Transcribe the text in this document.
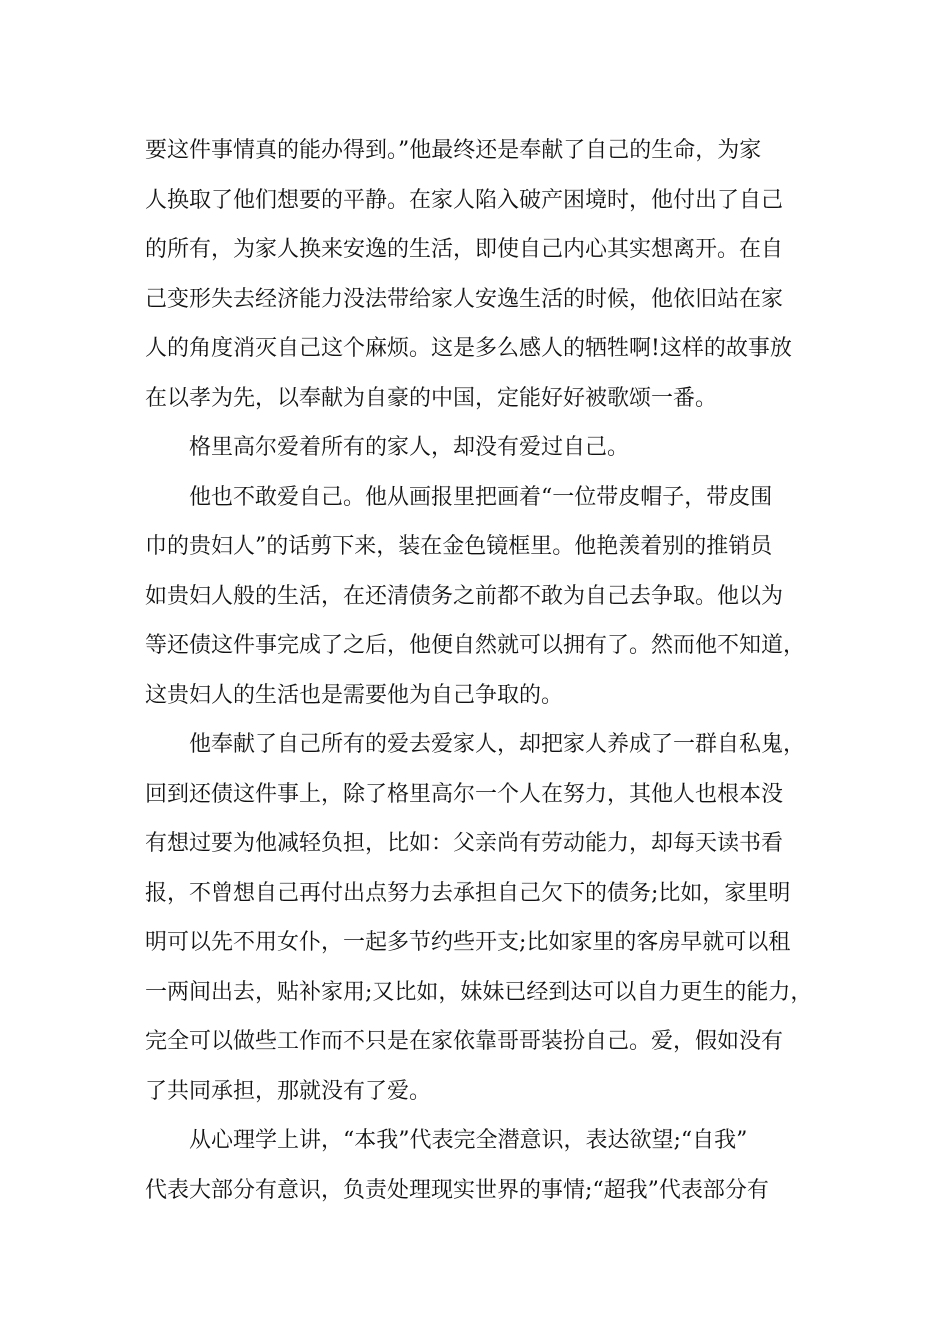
要这件事情真的能办得到。”他最终还是奉献了自己的生命，为家
人换取了他们想要的平静。在家人陷入破产困境时，他付出了自己
的所有，为家人换来安逸的生活，即使自己内心其实想离开。在自
己变形失去经济能力没法带给家人安逸生活的时候，他依旧站在家
人的角度消灭自己这个麻烦。这是多么感人的牺牲啊!这样的故事放
在以孝为先，以奉献为自豪的中国，定能好好被歌颂一番。

格里高尔爱着所有的家人，却没有爱过自己。

他也不敢爱自己。他从画报里把画着“一位带皮帽子，带皮围
巾的贵妇人”的话剪下来，装在金色镜框里。他艳羡着别的推销员
如贵妇人般的生活，在还清债务之前都不敢为自己去争取。他以为
等还债这件事完成了之后，他便自然就可以拥有了。然而他不知道，
这贵妇人的生活也是需要他为自己争取的。

他奉献了自己所有的爱去爱家人，却把家人养成了一群自私鬼，
回到还债这件事上，除了格里高尔一个人在努力，其他人也根本没
有想过要为他减轻负担，比如：父亲尚有劳动能力，却每天读书看
报，不曾想自己再付出点努力去承担自己欠下的债务;比如，家里明
明可以先不用女仆，一起多节约些开支;比如家里的客房早就可以租
一两间出去，贴补家用;又比如，妹妹已经到达可以自力更生的能力，
完全可以做些工作而不只是在家依靠哥哥装扮自己。爱，假如没有
了共同承担，那就没有了爱。

从心理学上讲，“本我”代表完全潜意识，表达欲望;“自我”
代表大部分有意识，负责处理现实世界的事情;“超我”代表部分有
